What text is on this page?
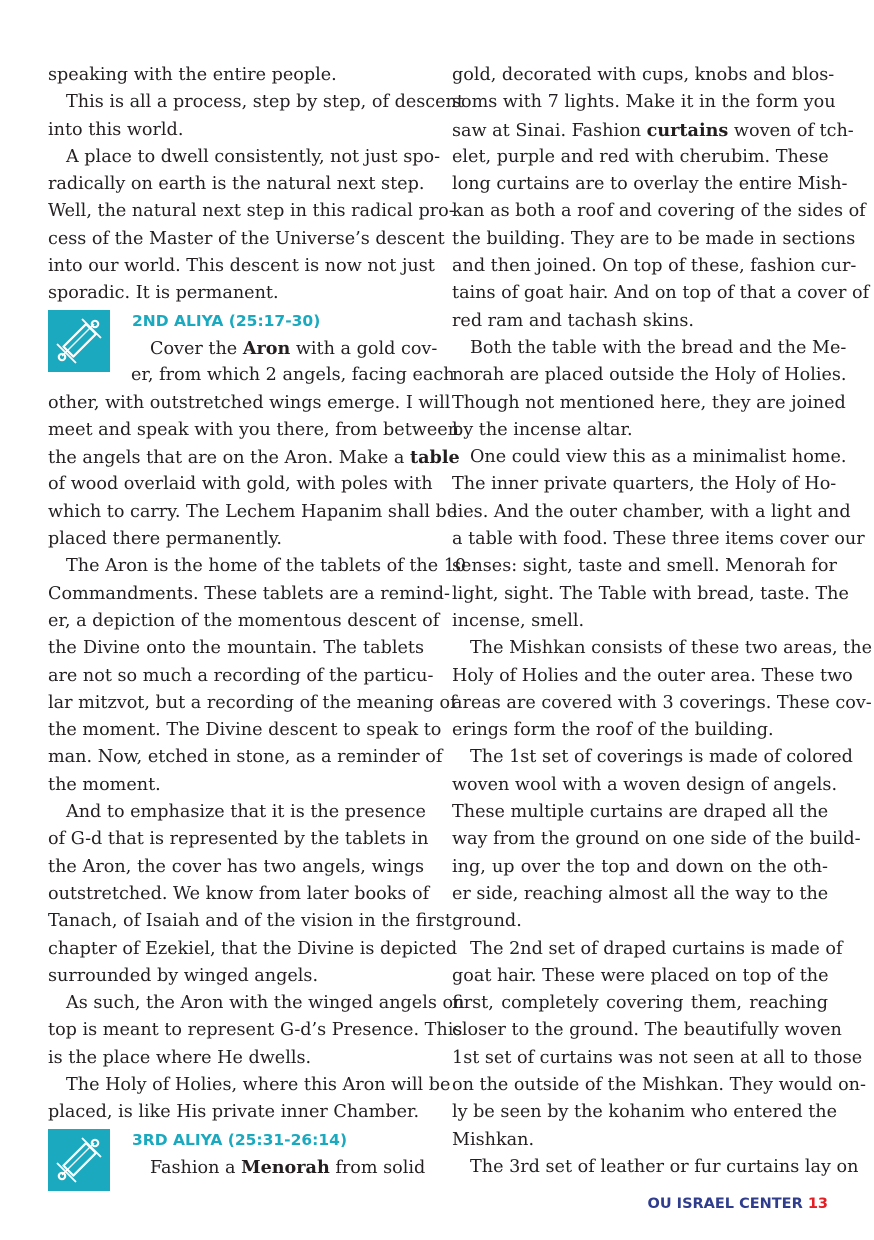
speaking with the entire people.
This is all a process, step by step, of descent
into this world.
A place to dwell consistently, not just spo-
radically on earth is the natural next step.
Well, the natural next step in this radical pro-
cess of the Master of the Universe’s descent
into our world. This descent is now not just
sporadic. It is permanent.
2ND ALIYA (25:17-30)
Cover the Aron with a gold cov-
er, from which 2 angels, facing each
other, with outstretched wings emerge. I will
meet and speak with you there, from between
the angels that are on the Aron. Make a table
of wood overlaid with gold, with poles with
which to carry. The Lechem Hapanim shall be
placed there permanently.
The Aron is the home of the tablets of the 10
Commandments. These tablets are a remind-
er, a depiction of the momentous descent of
the Divine onto the mountain. The tablets
are not so much a recording of the particu-
lar mitzvot, but a recording of the meaning of
the moment. The Divine descent to speak to
man. Now, etched in stone, as a reminder of
the moment.
And to emphasize that it is the presence
of G-d that is represented by the tablets in
the Aron, the cover has two angels, wings
outstretched. We know from later books of
Tanach, of Isaiah and of the vision in the first
chapter of Ezekiel, that the Divine is depicted
surrounded by winged angels.
As such, the Aron with the winged angels on
top is meant to represent G-d’s Presence. This
is the place where He dwells.
The Holy of Holies, where this Aron will be
placed, is like His private inner Chamber.
3RD ALIYA (25:31-26:14)
Fashion a Menorah from solid
gold, decorated with cups, knobs and blos-
soms with 7 lights. Make it in the form you
saw at Sinai. Fashion curtains woven of tch-
elet, purple and red with cherubim. These
long curtains are to overlay the entire Mish-
kan as both a roof and covering of the sides of
the building. They are to be made in sections
and then joined. On top of these, fashion cur-
tains of goat hair. And on top of that a cover of
red ram and tachash skins.
Both the table with the bread and the Me-
norah are placed outside the Holy of Holies.
Though not mentioned here, they are joined
by the incense altar.
One could view this as a minimalist home.
The inner private quarters, the Holy of Ho-
lies. And the outer chamber, with a light and
a table with food. These three items cover our
senses: sight, taste and smell. Menorah for
light, sight. The Table with bread, taste. The
incense, smell.
The Mishkan consists of these two areas, the
Holy of Holies and the outer area. These two
areas are covered with 3 coverings. These cov-
erings form the roof of the building.
The 1st set of coverings is made of colored
woven wool with a woven design of angels.
These multiple curtains are draped all the
way from the ground on one side of the build-
ing, up over the top and down on the oth-
er side, reaching almost all the way to the
ground.
The 2nd set of draped curtains is made of
goat hair. These were placed on top of the
first, completely covering them, reaching
closer to the ground. The beautifully woven
1st set of curtains was not seen at all to those
on the outside of the Mishkan. They would on-
ly be seen by the kohanim who entered the
Mishkan.
The 3rd set of leather or fur curtains lay on
OU ISRAEL CENTER 13
